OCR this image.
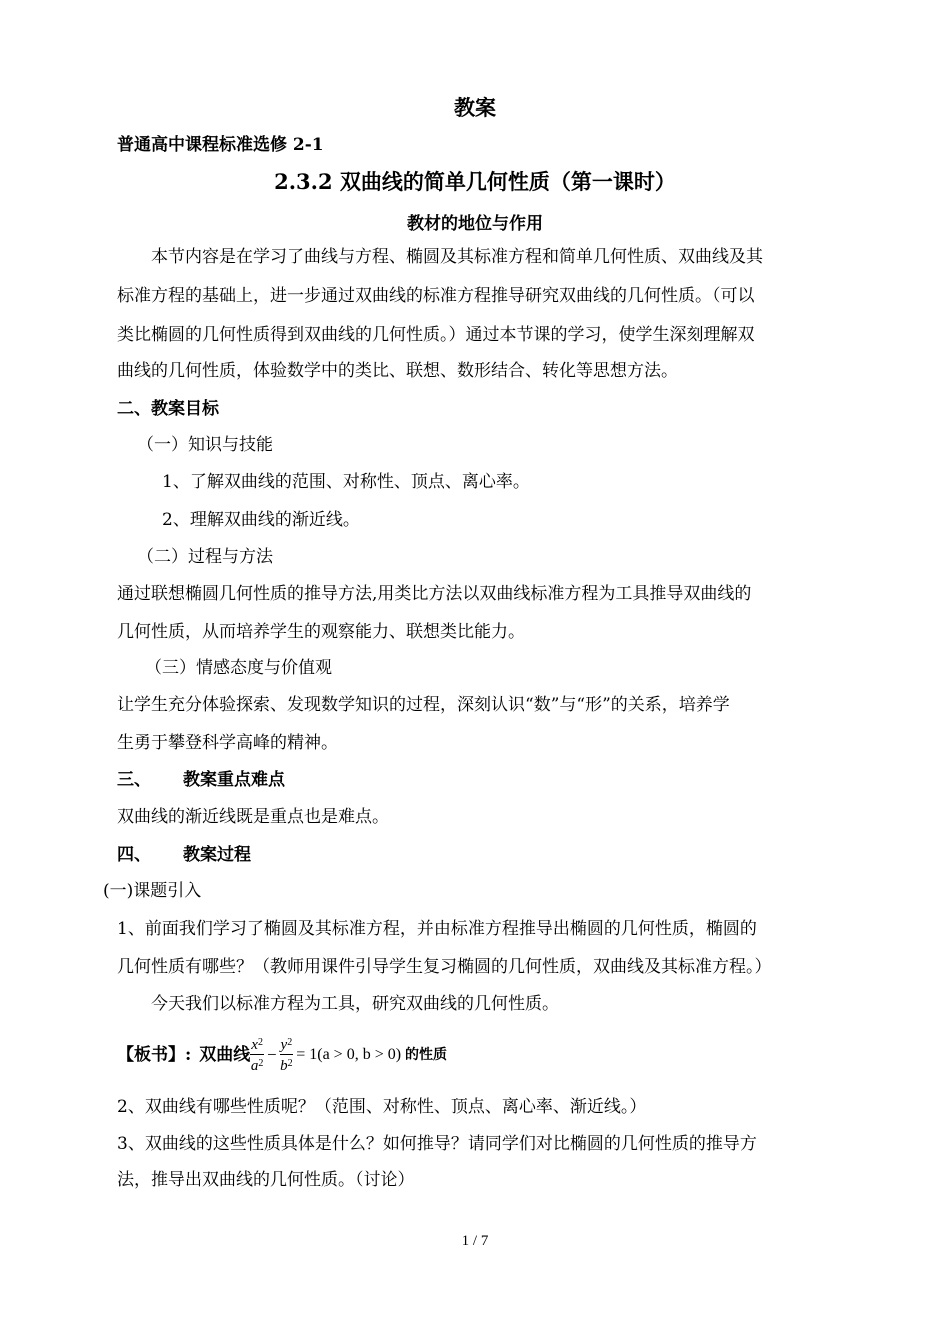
教案
普通高中课程标准选修 2-1
2.3.2 双曲线的简单几何性质（第一课时）
教材的地位与作用
本节内容是在学习了曲线与方程、椭圆及其标准方程和简单几何性质、双曲线及其
标准方程的基础上，进一步通过双曲线的标准方程推导研究双曲线的几何性质。（可以
类比椭圆的几何性质得到双曲线的几何性质。）通过本节课的学习，使学生深刻理解双
曲线的几何性质，体验数学中的类比、联想、数形结合、转化等思想方法。
二、教案目标
（一）知识与技能
1、了解双曲线的范围、对称性、顶点、离心率。
2、理解双曲线的渐近线。
（二）过程与方法
通过联想椭圆几何性质的推导方法,用类比方法以双曲线标准方程为工具推导双曲线的
几何性质，从而培养学生的观察能力、联想类比能力。
（三）情感态度与价值观
让学生充分体验探索、发现数学知识的过程，深刻认识“数”与“形”的关系，培养学
生勇于攀登科学高峰的精神。
三、 教案重点难点
双曲线的渐近线既是重点也是难点。
四、 教案过程
(一)课题引入
1、前面我们学习了椭圆及其标准方程，并由标准方程推导出椭圆的几何性质，椭圆的
几何性质有哪些？（教师用课件引导学生复习椭圆的几何性质，双曲线及其标准方程。）
今天我们以标准方程为工具，研究双曲线的几何性质。
【板书】: 双曲线 $\frac{x^2}{a^2} - \frac{y^2}{b^2} = 1(a > 0$, b > 0) 的性质
2、双曲线有哪些性质呢？（范围、对称性、顶点、离心率、渐近线。）
3、双曲线的这些性质具体是什么？如何推导？请同学们对比椭圆的几何性质的推导方
法，推导出双曲线的几何性质。（讨论）
1 / 7
